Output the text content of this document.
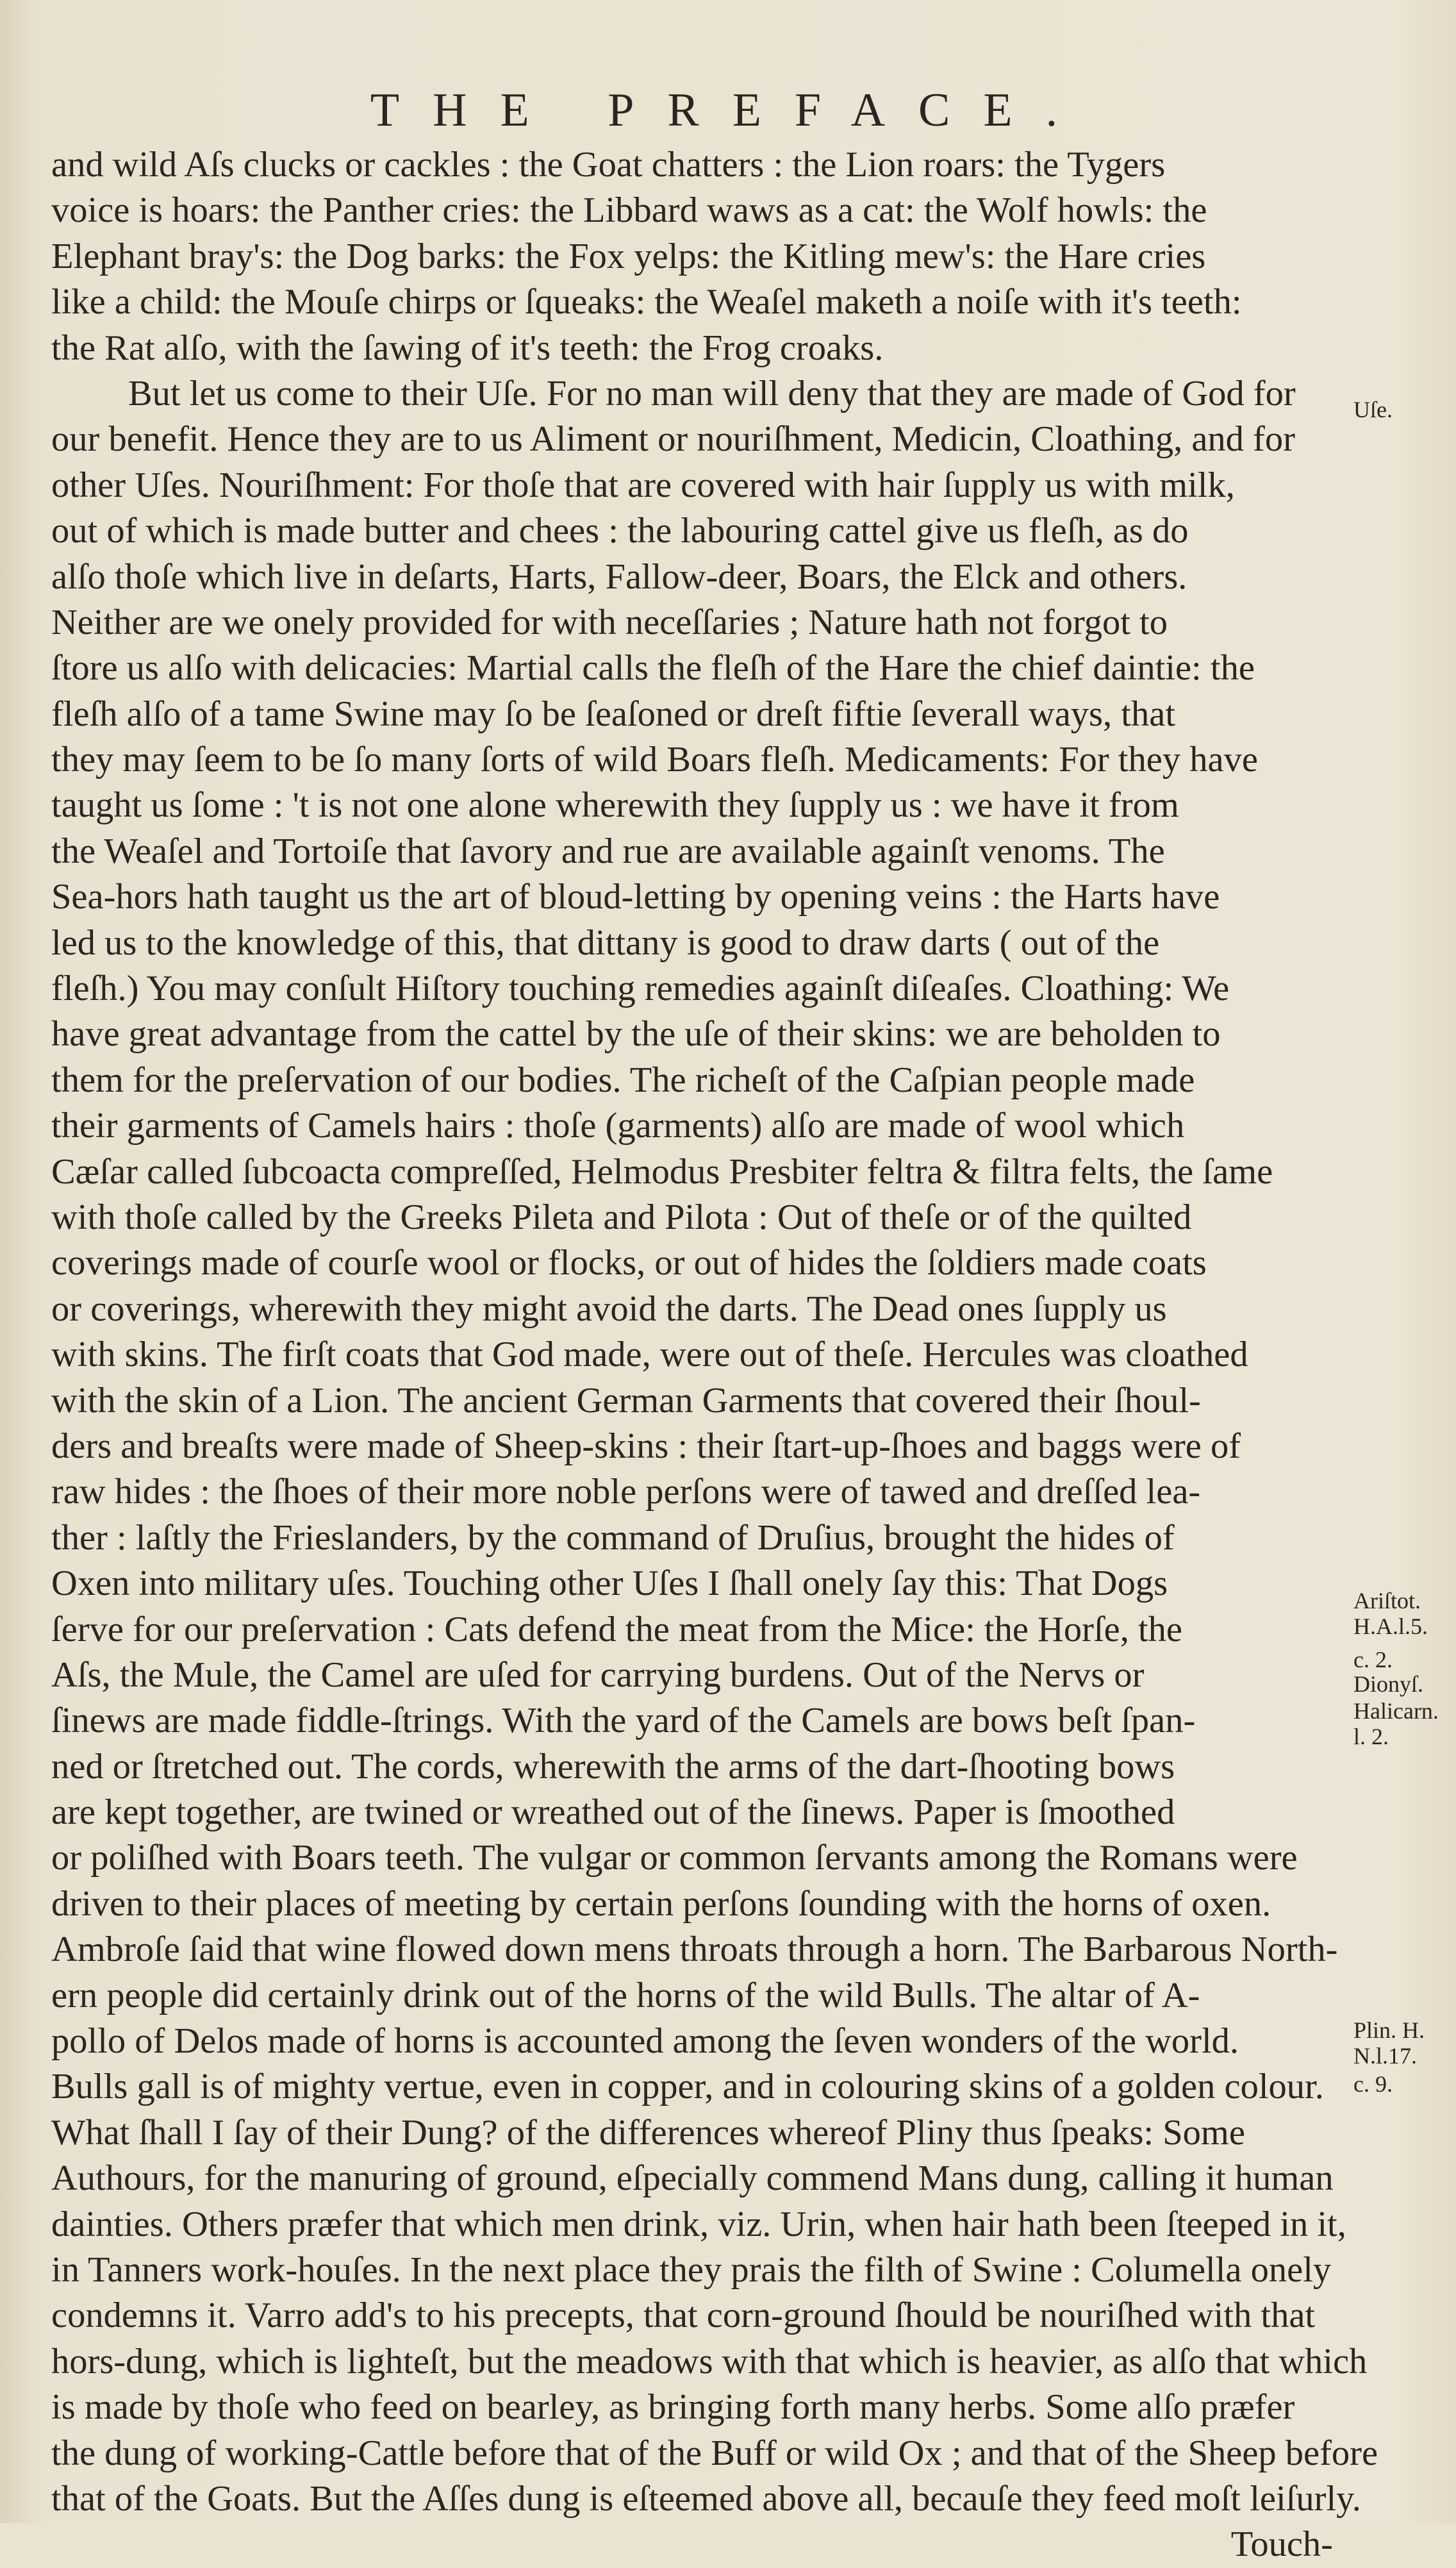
THE PREFACE.
and wild Aſs clucks or cackles : the Goat chatters : the Lion roars: the Tygers
voice is hoars: the Panther cries: the Libbard waws as a cat: the Wolf howls: the
Elephant bray's: the Dog barks: the Fox yelps: the Kitling mew's: the Hare cries
like a child: the Mouſe chirps or ſqueaks: the Weaſel maketh a noiſe with it's teeth:
the Rat alſo, with the ſawing of it's teeth: the Frog croaks.
But let us come to their Uſe. For no man will deny that they are made of God for
our benefit. Hence they are to us Aliment or nouriſhment, Medicin, Cloathing, and for
other Uſes. Nouriſhment: For thoſe that are covered with hair ſupply us with milk,
out of which is made butter and chees : the labouring cattel give us fleſh, as do
alſo thoſe which live in deſarts, Harts, Fallow-deer, Boars, the Elck and others.
Neither are we onely provided for with neceſſaries ; Nature hath not forgot to
ſtore us alſo with delicacies: Martial calls the fleſh of the Hare the chief daintie: the
fleſh alſo of a tame Swine may ſo be ſeaſoned or dreſt fiftie ſeverall ways, that
they may ſeem to be ſo many ſorts of wild Boars fleſh. Medicaments: For they have
taught us ſome : 't is not one alone wherewith they ſupply us : we have it from
the Weaſel and Tortoiſe that ſavory and rue are available againſt venoms. The
Sea-hors hath taught us the art of bloud-letting by opening veins : the Harts have
led us to the knowledge of this, that dittany is good to draw darts ( out of the
fleſh.) You may conſult Hiſtory touching remedies againſt diſeaſes. Cloathing: We
have great advantage from the cattel by the uſe of their skins: we are beholden to
them for the preſervation of our bodies. The richeſt of the Caſpian people made
their garments of Camels hairs : thoſe (garments) alſo are made of wool which
Cæſar called ſubcoacta compreſſed, Helmodus Presbiter feltra & filtra felts, the ſame
with thoſe called by the Greeks Pileta and Pilota : Out of theſe or of the quilted
coverings made of courſe wool or flocks, or out of hides the ſoldiers made coats
or coverings, wherewith they might avoid the darts. The Dead ones ſupply us
with skins. The firſt coats that God made, were out of theſe. Hercules was cloathed
with the skin of a Lion. The ancient German Garments that covered their ſhoul-
ders and breaſts were made of Sheep-skins : their ſtart-up-ſhoes and baggs were of
raw hides : the ſhoes of their more noble perſons were of tawed and dreſſed lea-
ther : laſtly the Frieslanders, by the command of Druſius, brought the hides of
Oxen into military uſes. Touching other Uſes I ſhall onely ſay this: That Dogs
ſerve for our preſervation : Cats defend the meat from the Mice: the Horſe, the
Aſs, the Mule, the Camel are uſed for carrying burdens. Out of the Nervs or
ſinews are made fiddle-ſtrings. With the yard of the Camels are bows beſt ſpan-
ned or ſtretched out. The cords, wherewith the arms of the dart-ſhooting bows
are kept together, are twined or wreathed out of the ſinews. Paper is ſmoothed
or poliſhed with Boars teeth. The vulgar or common ſervants among the Romans were
driven to their places of meeting by certain perſons ſounding with the horns of oxen.
Ambroſe ſaid that wine flowed down mens throats through a horn. The Barbarous North-
ern people did certainly drink out of the horns of the wild Bulls. The altar of A-
pollo of Delos made of horns is accounted among the ſeven wonders of the world.
Bulls gall is of mighty vertue, even in copper, and in colouring skins of a golden colour.
What ſhall I ſay of their Dung? of the differences whereof Pliny thus ſpeaks: Some
Authours, for the manuring of ground, eſpecially commend Mans dung, calling it human
dainties. Others præfer that which men drink, viz. Urin, when hair hath been ſteeped in it,
in Tanners work-houſes. In the next place they prais the filth of Swine : Columella onely
condemns it. Varro add's to his precepts, that corn-ground ſhould be nouriſhed with that
hors-dung, which is lighteſt, but the meadows with that which is heavier, as alſo that which
is made by thoſe who feed on bearley, as bringing forth many herbs. Some alſo præfer
the dung of working-Cattle before that of the Buff or wild Ox ; and that of the Sheep before
that of the Goats. But the Aſſes dung is eſteemed above all, becauſe they feed moſt leiſurly.
Touch-
Uſe.
Ariſtot.
H.A.l.5.
c. 2.
Dionyſ.
Halicarn.
l. 2.
Plin. H.
N.l.17.
c. 9.
